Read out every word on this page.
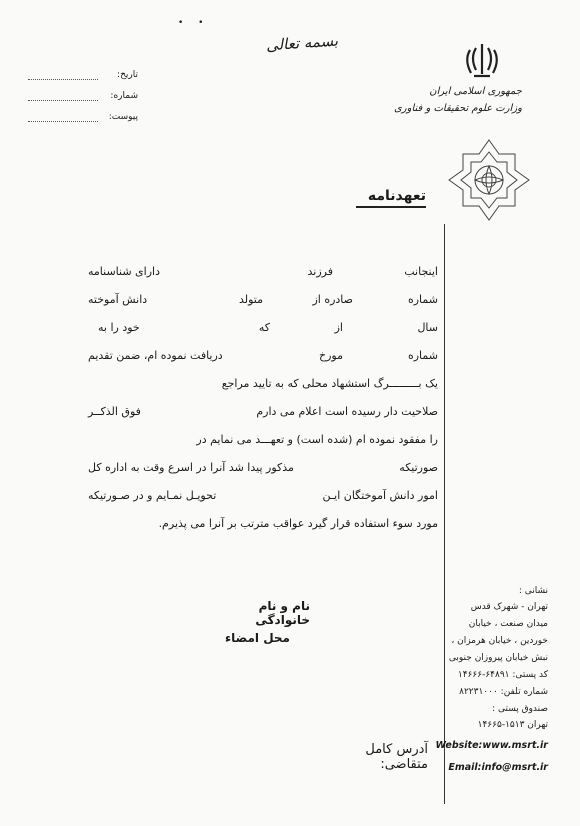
• •
بسمه تعالی
جمهوری اسلامی ایران
وزارت علوم تحقیقات و فناوری
تاریخ:
شماره:
پیوست:
تعهدنامه
اینجانب
فرزند
دارای شناسنامه
شماره
صادره از
متولد
دانش آموخته
سال
از
که
خود را به
شماره
مورخ
دریافت نموده ام، ضمن تقدیم
یک بـــــــــرگ استشهاد محلی که به تایید مراجع
صلاحیت دار رسیده است اعلام می دارم
فوق الذکــر
را مفقود نموده ام (شده است) و تعهـــد می نمایم در
صورتیکه
مذکور پیدا شد آنرا در اسرع وقت به اداره کل
امور دانش آموختگان ایـن
تحویـل نمـایم و در صـورتیکه
مورد سوء استفاده قرار گیرد عواقب مترتب بر آنرا می پذیرم.
نام و نام خانوادگی
محل امضاء
آدرس کامل متقاضی:
نشانی :
تهران - شهرک قدس
میدان صنعت ، خیابان
خوردین ، خیابان هرمزان ،
نبش خیابان پیروزان جنوبی
کد پستی: ۶۴۸۹۱-۱۴۶۶۶
شماره تلفن: ۸۲۲۳۱۰۰۰
صندوق پستی :
تهران ۱۵۱۳-۱۴۶۶۵
Website:www.msrt.ir
Email:info@msrt.ir
